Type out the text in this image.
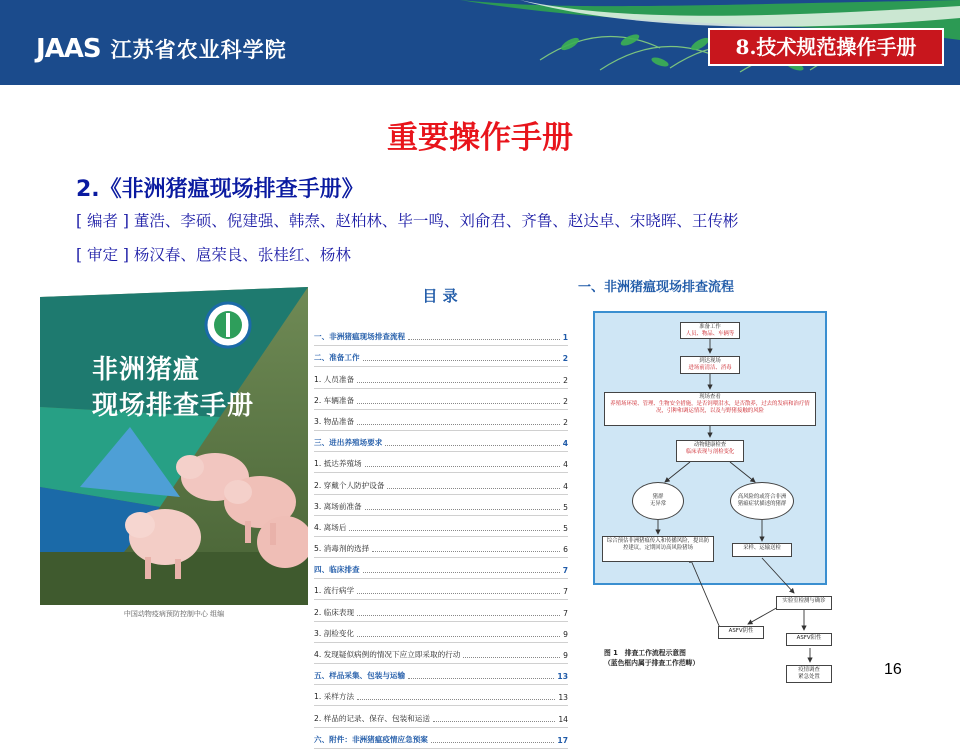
JAAS 江苏省农业科学院	8.技术规范操作手册
重要操作手册
2.《非洲猪瘟现场排查手册》
[ 编者 ] 董浩、李硕、倪建强、韩焘、赵柏林、毕一鸣、刘俞君、齐鲁、赵达卓、宋晓晖、王传彬
[ 审定 ] 杨汉春、扈荣良、张桂红、杨林
非洲猪瘟
现场排查手册
中国动物疫病预防控制中心 组编
目 录
一、非洲猪瘟现场排查流程	1
二、准备工作	2
1. 人员准备	2
2. 车辆准备	2
3. 物品准备	2
三、进出养殖场要求	4
1. 抵达养殖场	4
2. 穿戴个人防护设备	4
3. 离场前准备	5
4. 离场后	5
5. 消毒剂的选择	6
四、临床排查	7
1. 流行病学	7
2. 临床表现	7
3. 剖检变化	9
4. 发现疑似病例的情况下应立即采取的行动	9
五、样品采集、包装与运输	13
1. 采样方法	13
2. 样品的记录、保存、包装和运送	14
六、附件：非洲猪瘟疫情应急预案	17
一、非洲猪瘟现场排查流程
准备工作
人员、物品、车辆等
到达现场
进场前清洁、消毒
现场查看
养殖场环境、管理、生物安全措施，是否饲喂泔水，是否散养，过去的发病和治疗情况，引种和调运情况，以及与野猪接触的风险
动物健康检查
临床表现与剖检变化
猪群
无异常
高风险的或符合非洲猪瘟症状描述的猪群
综合预估非洲猪瘟传入和传播风险，提出防控建议，定期回访高风险猪场	采样、运输送检
实验室检测与确诊
ASFV阴性
ASFV阳性
疫情调查
紧急处置
图 1　排查工作流程示意图
（蓝色框内属于排查工作范畴）	16
